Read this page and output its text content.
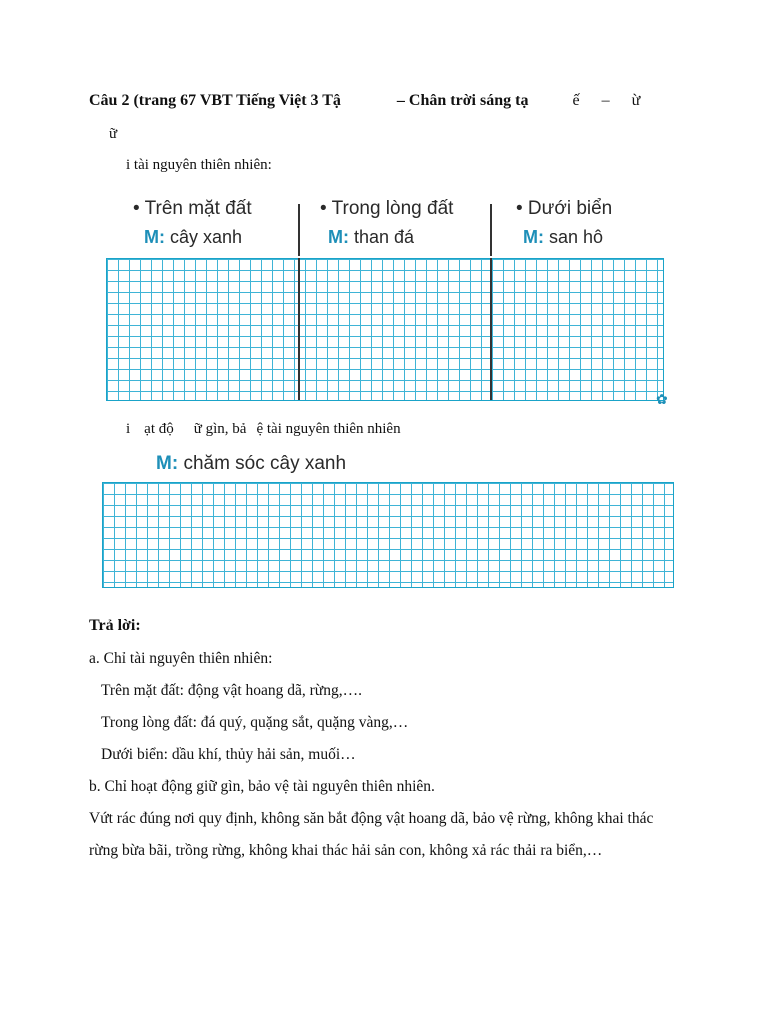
Câu 2 (trang 67 VBT Tiếng Việt 3 Tậ	– Chân trời sáng tạ	ế – ừ
ữ
i tài nguyên thiên nhiên:
• Trên mặt đất
M: cây xanh
• Trong lòng đất
M: than đá
• Dưới biển
M: san hô
✿
i ạt độ ữ gìn, bả ệ tài nguyên thiên nhiên
M: chăm sóc cây xanh
Trả lời:
a. Chỉ tài nguyên thiên nhiên:
Trên mặt đất: động vật hoang dã, rừng,….
Trong lòng đất: đá quý, quặng sắt, quặng vàng,…
Dưới biển: dầu khí, thủy hải sản, muối…
b. Chỉ hoạt động giữ gìn, bảo vệ tài nguyên thiên nhiên.
Vứt rác đúng nơi quy định, không săn bắt động vật hoang dã, bảo vệ rừng, không khai thác rừng bừa bãi, trồng rừng, không khai thác hải sản con, không xả rác thải ra biển,…
